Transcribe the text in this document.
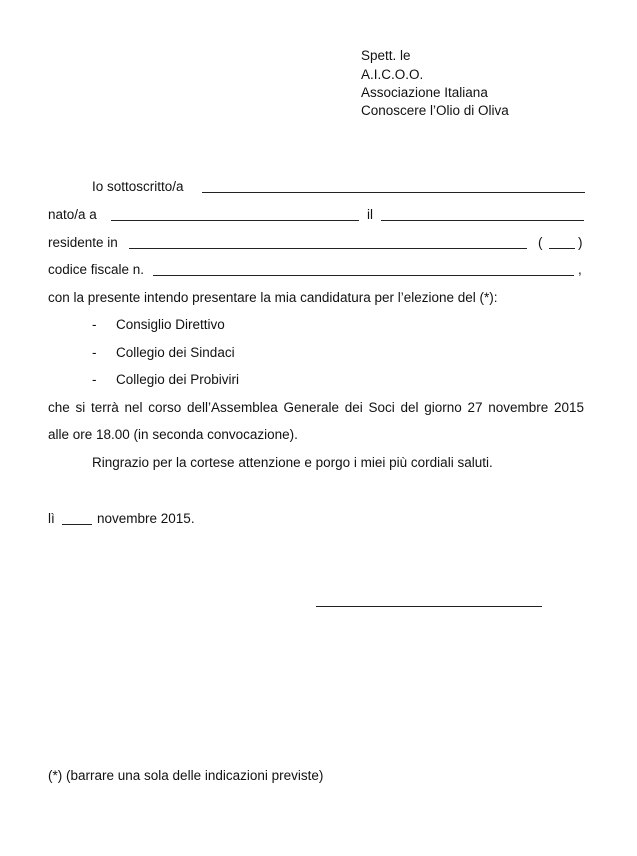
Spett. le
A.I.C.O.O.
Associazione Italiana
Conoscere l’Olio di Oliva
Io sottoscritto/a
nato/a a	il
residente in	(	)
codice fiscale n.	,
con la presente intendo presentare la mia candidatura per l’elezione del (*):
- Consiglio Direttivo
- Collegio dei Sindaci
- Collegio dei Probiviri
che si terrà nel corso dell’Assemblea Generale dei Soci del giorno 27 novembre 2015
alle ore 18.00 (in seconda convocazione).
Ringrazio per la cortese attenzione e porgo i miei più cordiali saluti.
lì	novembre 2015.
(*) (barrare una sola delle indicazioni previste)
